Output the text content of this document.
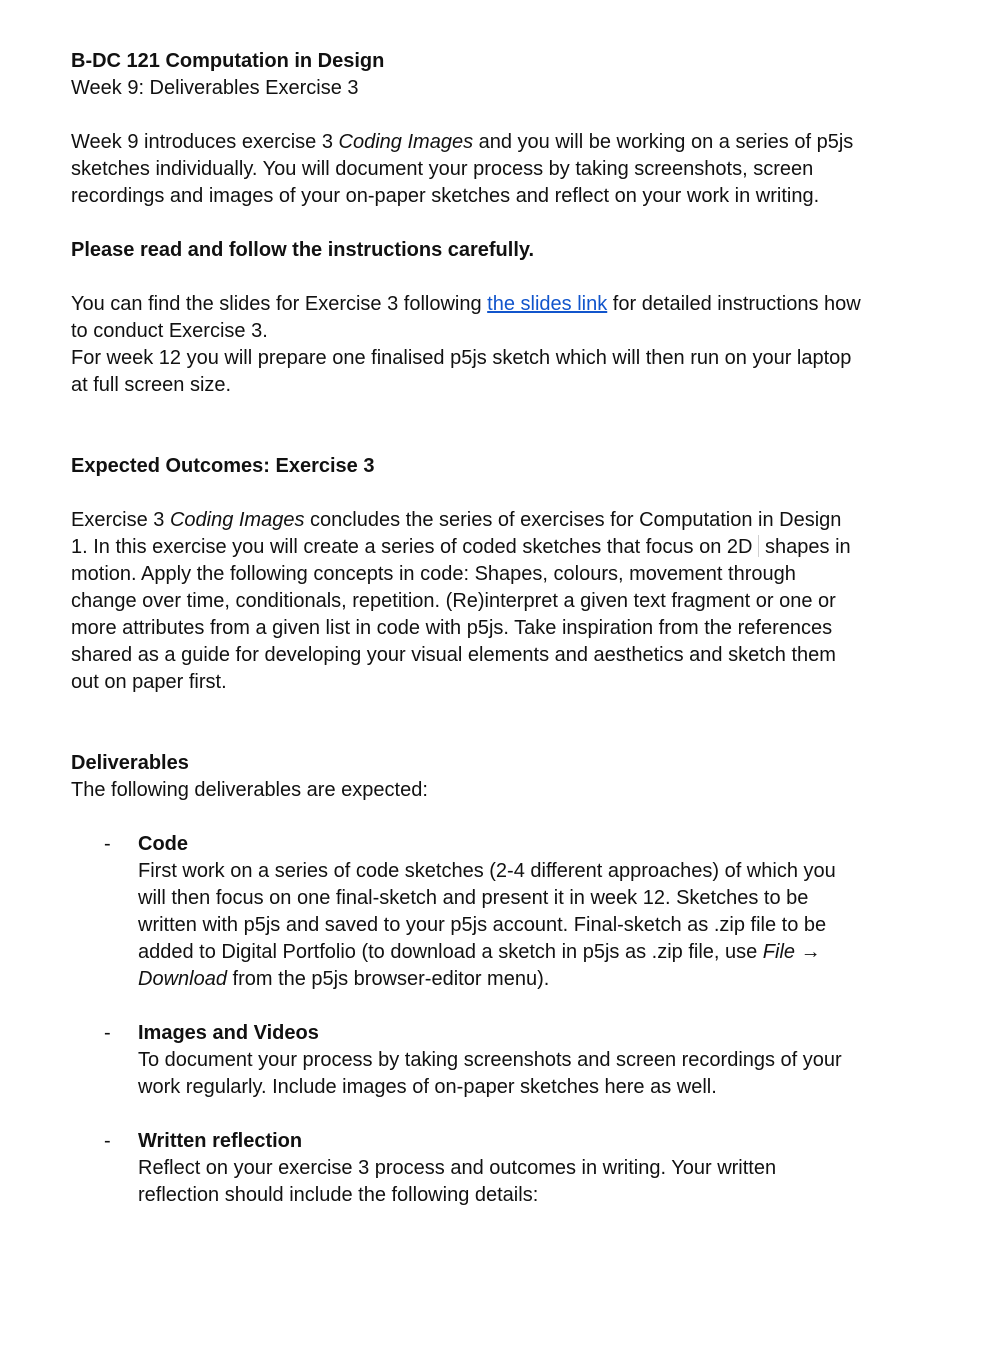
B-DC 121 Computation in Design

Week 9: Deliverables Exercise 3

Week 9 introduces exercise 3 Coding Images and you will be working on a series of p5js sketches individually. You will document your process by taking screenshots, screen recordings and images of your on-paper sketches and reflect on your work in writing.

Please read and follow the instructions carefully.

You can find the slides for Exercise 3 following the slides link for detailed instructions how to conduct Exercise 3.

For week 12 you will prepare one finalised p5js sketch which will then run on your laptop at full screen size.

Expected Outcomes: Exercise 3

Exercise 3 Coding Images concludes the series of exercises for Computation in Design 1. In this exercise you will create a series of coded sketches that focus on 2D shapes in motion. Apply the following concepts in code: Shapes, colours, movement through change over time, conditionals, repetition. (Re)interpret a given text fragment or one or more attributes from a given list in code with p5js. Take inspiration from the references shared as a guide for developing your visual elements and aesthetics and sketch them out on paper first.

Deliverables

The following deliverables are expected:

- Code
First work on a series of code sketches (2-4 different approaches) of which you will then focus on one final-sketch and present it in week 12. Sketches to be written with p5js and saved to your p5js account. Final-sketch as .zip file to be added to Digital Portfolio (to download a sketch in p5js as .zip file, use File → Download from the p5js browser-editor menu).
- Images and Videos
To document your process by taking screenshots and screen recordings of your work regularly. Include images of on-paper sketches here as well.
- Written reflection
Reflect on your exercise 3 process and outcomes in writing. Your written reflection should include the following details:
